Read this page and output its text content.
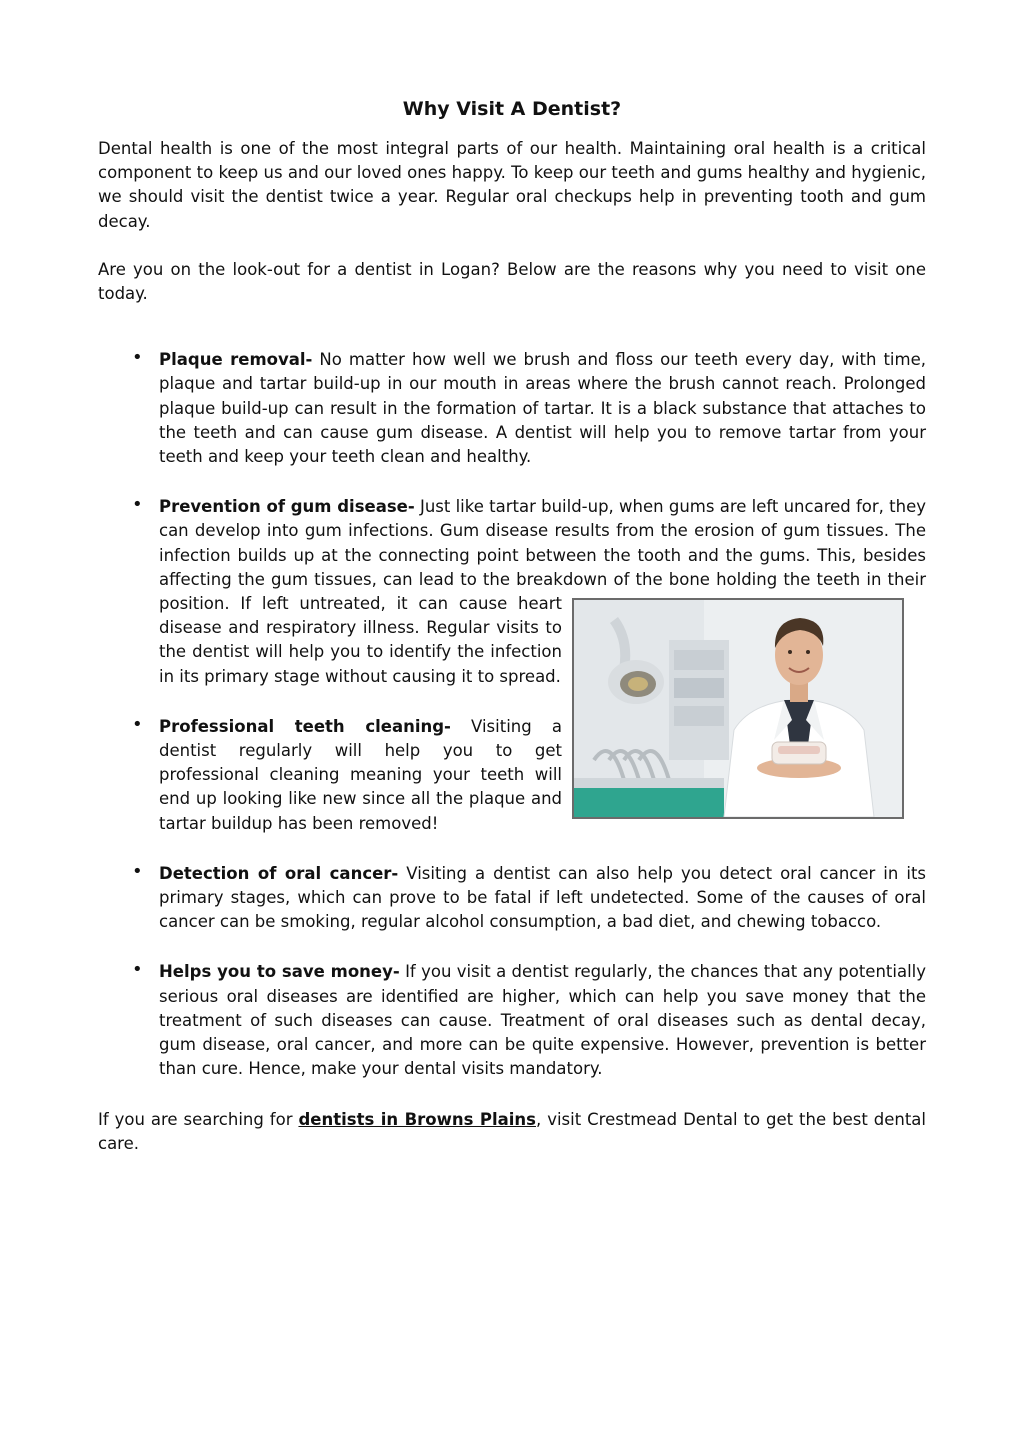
Why Visit A Dentist?

Dental health is one of the most integral parts of our health. Maintaining oral health is a critical component to keep us and our loved ones happy. To keep our teeth and gums healthy and hygienic, we should visit the dentist twice a year. Regular oral checkups help in preventing tooth and gum decay.

Are you on the look-out for a dentist in Logan? Below are the reasons why you need to visit one today.

• Plaque removal- No matter how well we brush and floss our teeth every day, with time, plaque and tartar build-up in our mouth in areas where the brush cannot reach. Prolonged plaque build-up can result in the formation of tartar. It is a black substance that attaches to the teeth and can cause gum disease. A dentist will help you to remove tartar from your teeth and keep your teeth clean and healthy.
• Prevention of gum disease- Just like tartar build-up, when gums are left uncared for, they can develop into gum infections. Gum disease results from the erosion of gum tissues. The infection builds up at the connecting point between the tooth and the gums. This, besides affecting the gum tissues, can lead to the breakdown of the bone holding the teeth in their position. If left untreated, it can cause heart disease and respiratory illness. Regular visits to the dentist will help you to identify the infection in its primary stage without causing it to spread.
• Professional teeth cleaning- Visiting a dentist regularly will help you to get professional cleaning meaning your teeth will end up looking like new since all the plaque and tartar buildup has been removed!
• Detection of oral cancer- Visiting a dentist can also help you detect oral cancer in its primary stages, which can prove to be fatal if left undetected. Some of the causes of oral cancer can be smoking, regular alcohol consumption, a bad diet, and chewing tobacco.
• Helps you to save money- If you visit a dentist regularly, the chances that any potentially serious oral diseases are identified are higher, which can help you save money that the treatment of such diseases can cause. Treatment of oral diseases such as dental decay, gum disease, oral cancer, and more can be quite expensive. However, prevention is better than cure. Hence, make your dental visits mandatory.

If you are searching for dentists in Browns Plains, visit Crestmead Dental to get the best dental care.
